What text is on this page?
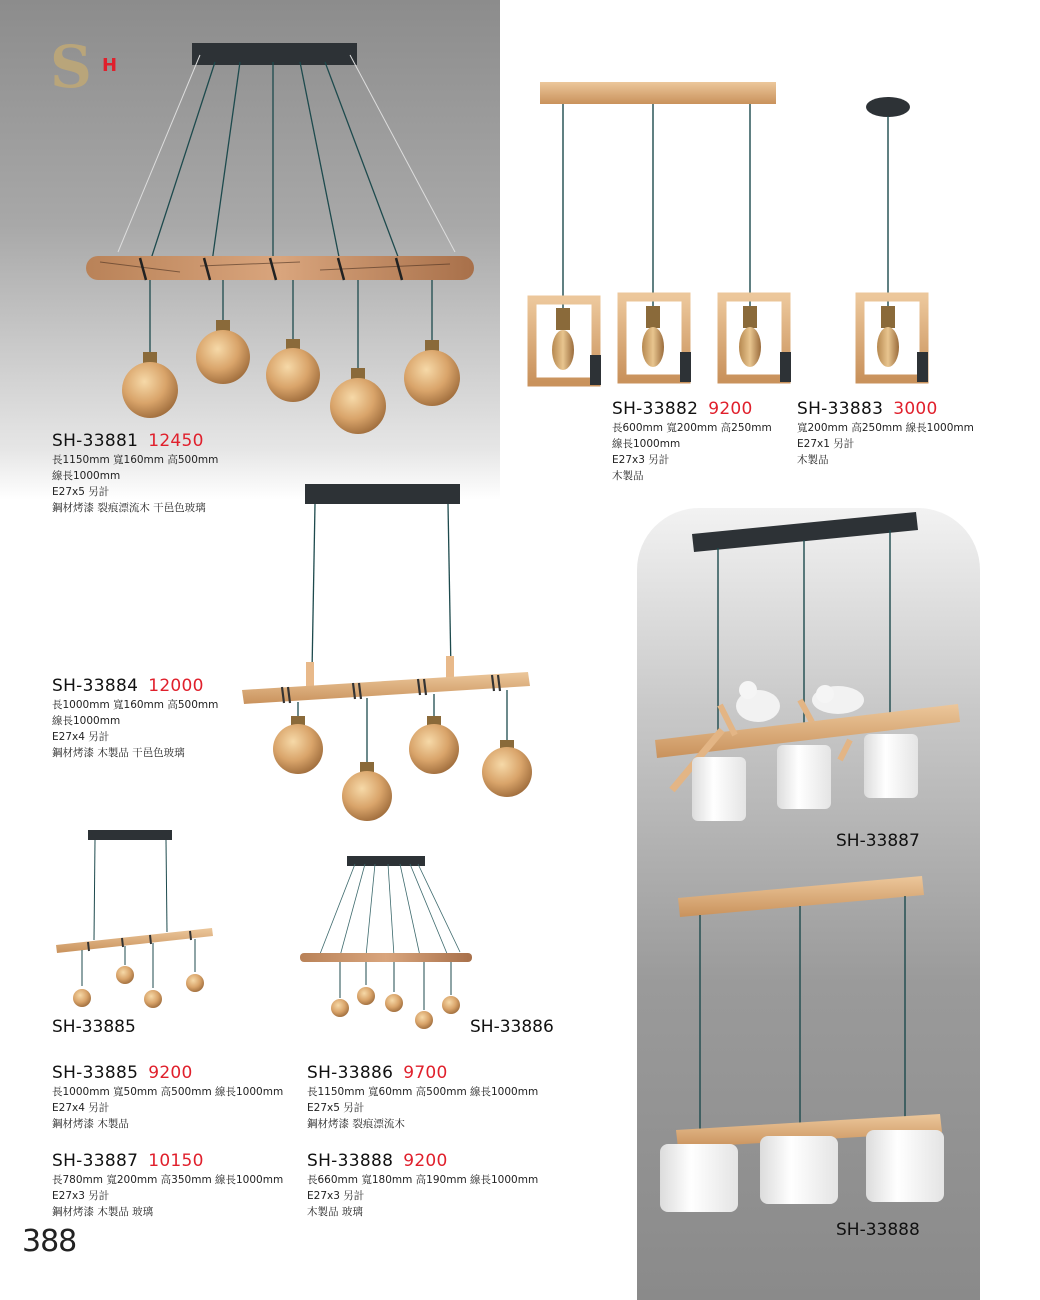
S H
SH-33881 12450
長1150mm 寬160mm 高500mm
線長1000mm
E27x5 另計
鋼材烤漆 裂痕漂流木 干邑色玻璃
SH-33882 9200
長600mm 寬200mm 高250mm
線長1000mm
E27x3 另計
木製品
SH-33883 3000
寬200mm 高250mm 線長1000mm
E27x1 另計
木製品
SH-33884 12000
長1000mm 寬160mm 高500mm
線長1000mm
E27x4 另計
鋼材烤漆 木製品 干邑色玻璃
SH-33885 9200
長1000mm 寬50mm 高500mm 線長1000mm
E27x4 另計
鋼材烤漆 木製品
SH-33886 9700
長1150mm 寬60mm 高500mm 線長1000mm
E27x5 另計
鋼材烤漆 裂痕漂流木
SH-33887 10150
長780mm 寬200mm 高350mm 線長1000mm
E27x3 另計
鋼材烤漆 木製品 玻璃
SH-33888 9200
長660mm 寬180mm 高190mm 線長1000mm
E27x3 另計
木製品 玻璃
SH-33885	SH-33886
SH-33887
SH-33888
388
